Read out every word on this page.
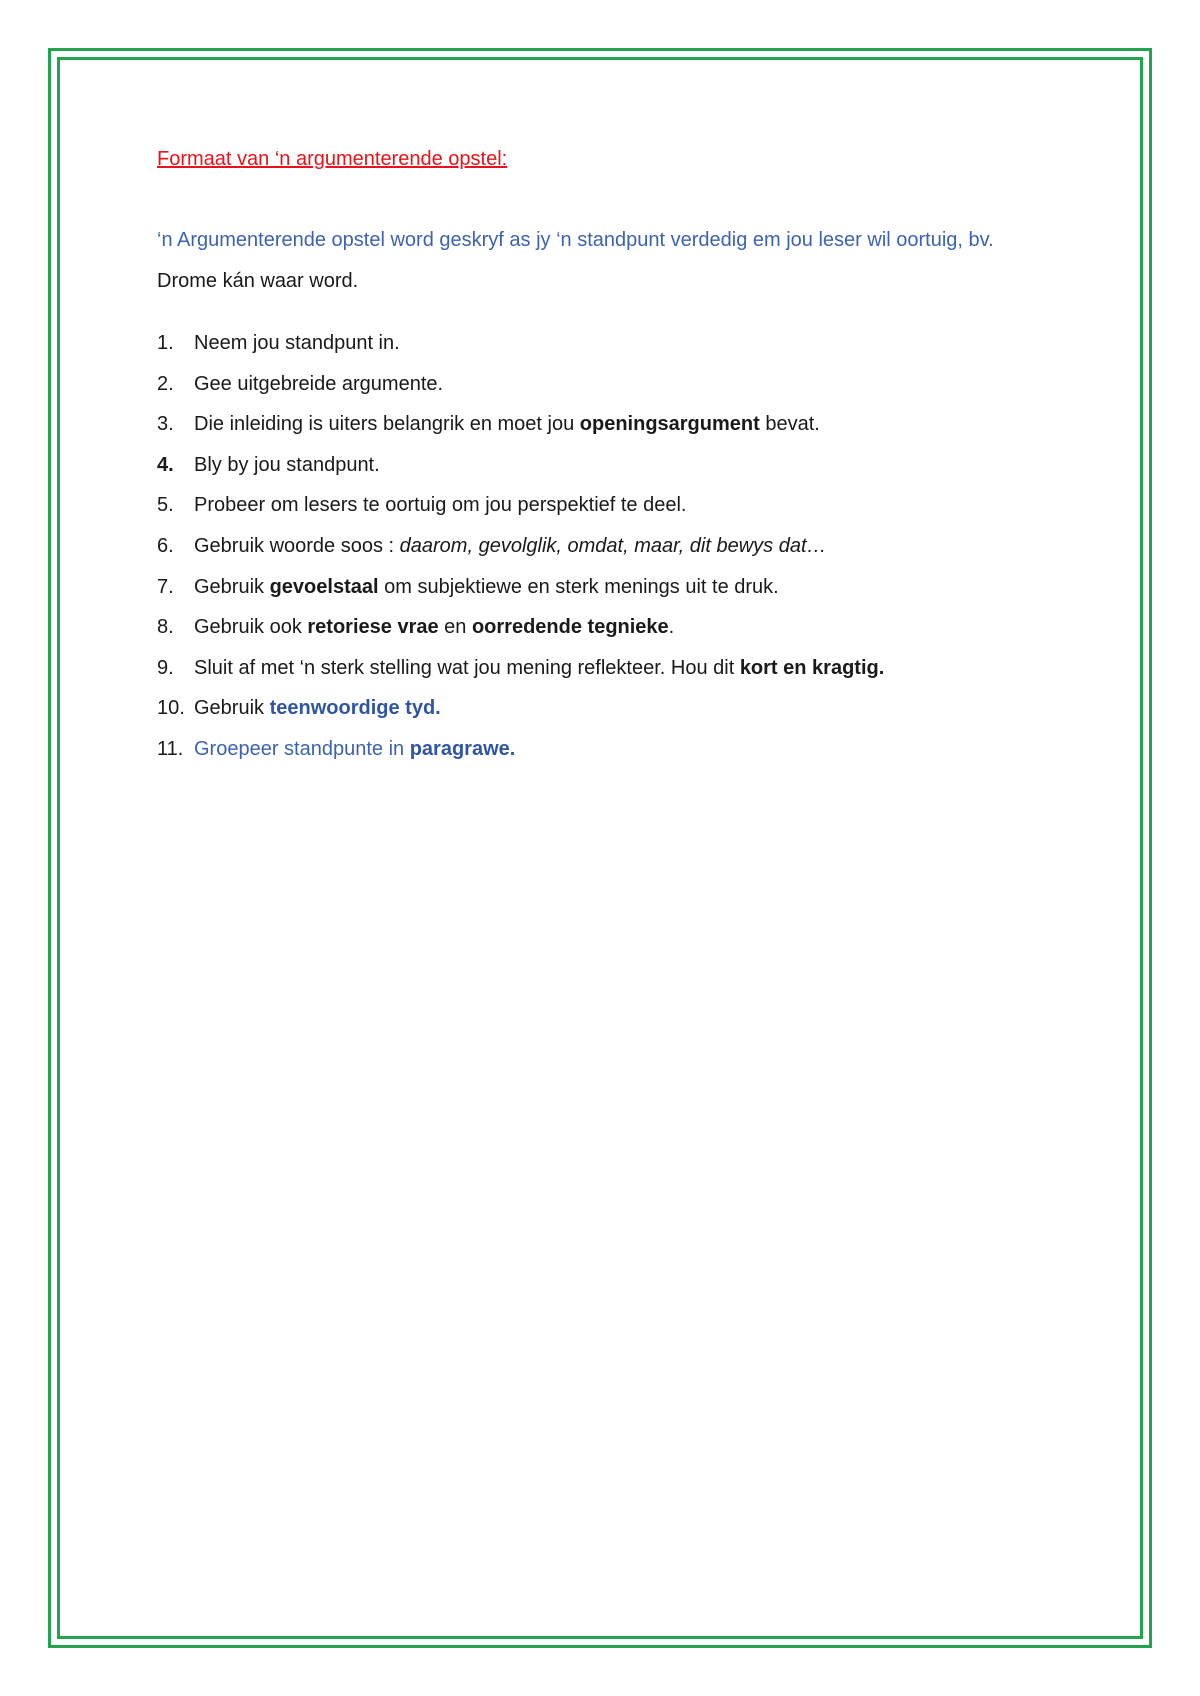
Formaat van ‘n argumenterende opstel:

‘n Argumenterende opstel word geskryf as jy ‘n standpunt verdedig em jou leser wil oortuig, bv. Drome kán waar word.
1. Neem jou standpunt in.
2. Gee uitgebreide argumente.
3. Die inleiding is uiters belangrik en moet jou openingsargument bevat.
4. Bly by jou standpunt.
5. Probeer om lesers te oortuig om jou perspektief te deel.
6. Gebruik woorde soos : daarom, gevolglik, omdat, maar, dit bewys dat…
7. Gebruik gevoelstaal om subjektiewe en sterk menings uit te druk.
8. Gebruik ook retoriese vrae en oorredende tegnieke.
9. Sluit af met ‘n sterk stelling wat jou mening reflekteer. Hou dit kort en kragtig.
10. Gebruik teenwoordige tyd.
11. Groepeer standpunte in paragrawe.
